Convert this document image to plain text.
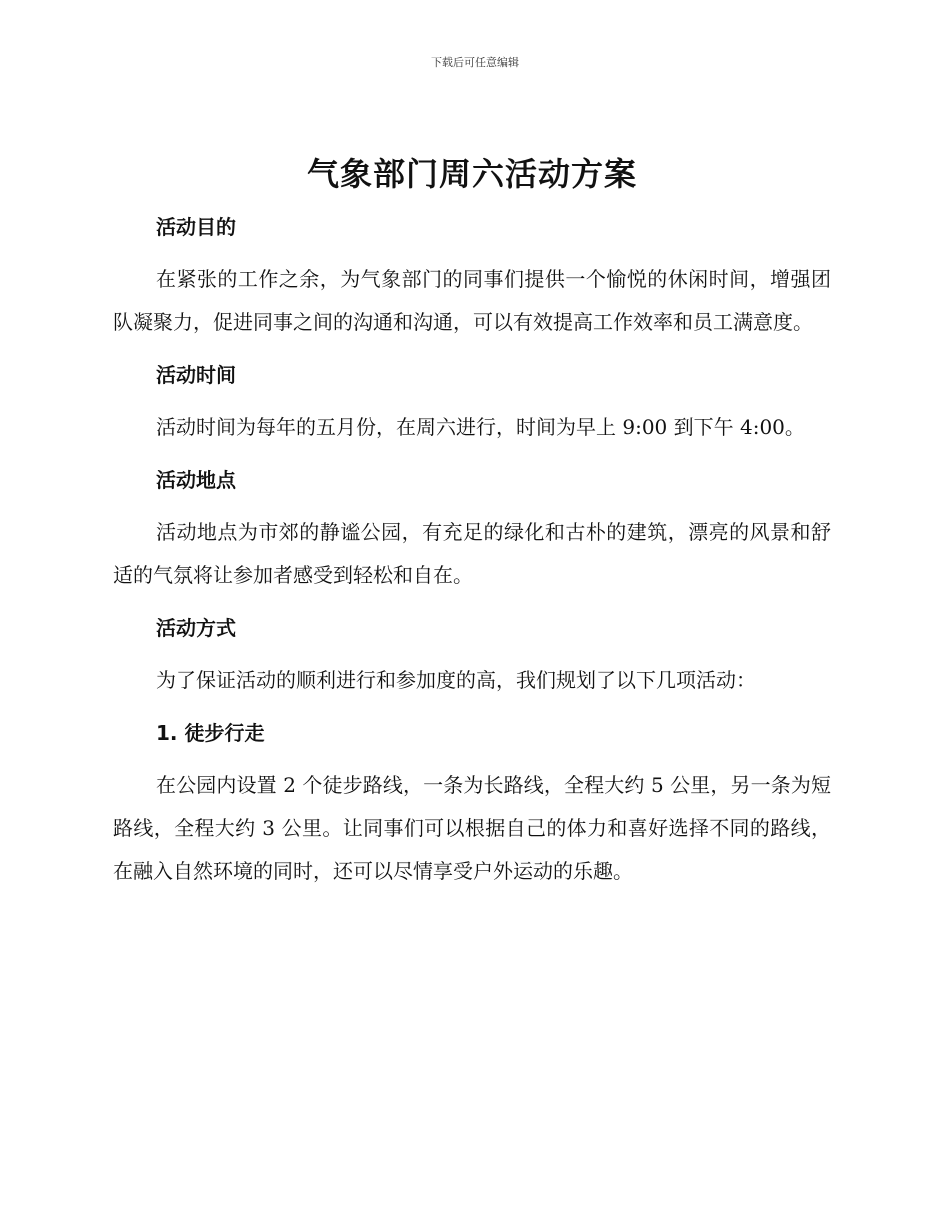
下载后可任意编辑
气象部门周六活动方案
活动目的

在紧张的工作之余，为气象部门的同事们提供一个愉悦的休闲时间，增强团队凝聚力，促进同事之间的沟通和沟通，可以有效提高工作效率和员工满意度。

活动时间

活动时间为每年的五月份，在周六进行，时间为早上 9:00 到下午 4:00。

活动地点

活动地点为市郊的静谧公园，有充足的绿化和古朴的建筑，漂亮的风景和舒适的气氛将让参加者感受到轻松和自在。

活动方式

为了保证活动的顺利进行和参加度的高，我们规划了以下几项活动：

1. 徒步行走

在公园内设置 2 个徒步路线，一条为长路线，全程大约 5 公里，另一条为短路线，全程大约 3 公里。让同事们可以根据自己的体力和喜好选择不同的路线，在融入自然环境的同时，还可以尽情享受户外运动的乐趣。
